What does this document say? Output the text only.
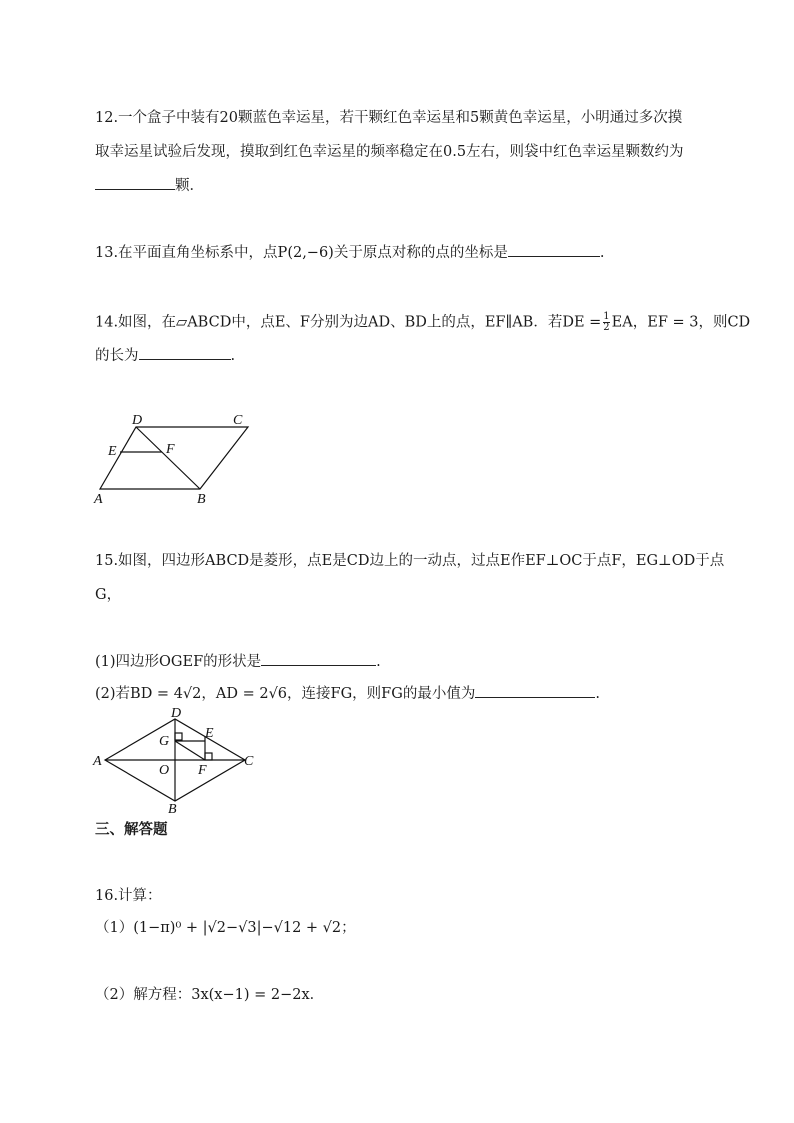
12.一个盒子中装有20颗蓝色幸运星，若干颗红色幸运星和5颗黄色幸运星，小明通过多次摸
取幸运星试验后发现，摸取到红色幸运星的频率稳定在0.5左右，则袋中红色幸运星颗数约为
颗．
13.在平面直角坐标系中，点P(2,−6)关于原点对称的点的坐标是	.
14.如图，在▱ABCD中，点E、F分别为边AD、BD上的点，EF∥AB．若DE = $\frac{1}{2}$ EA，EF = 3，则CD
的长为	.
D	C
E	F
A	B
15.如图，四边形ABCD是菱形，点E是CD边上的一动点，过点E作EF⊥OC于点F，EG⊥OD于点
G，
(1)四边形OGEF的形状是	.
(2)若BD = 4√2，AD = 2√6，连接FG，则FG的最小值为	.
D
G
E
A
O F
C
B
三、解答题
16.计算：
（1）(1−π)⁰ + |√2−√3|−√12 + √2；
（2）解方程：3x(x−1) = 2−2x．
